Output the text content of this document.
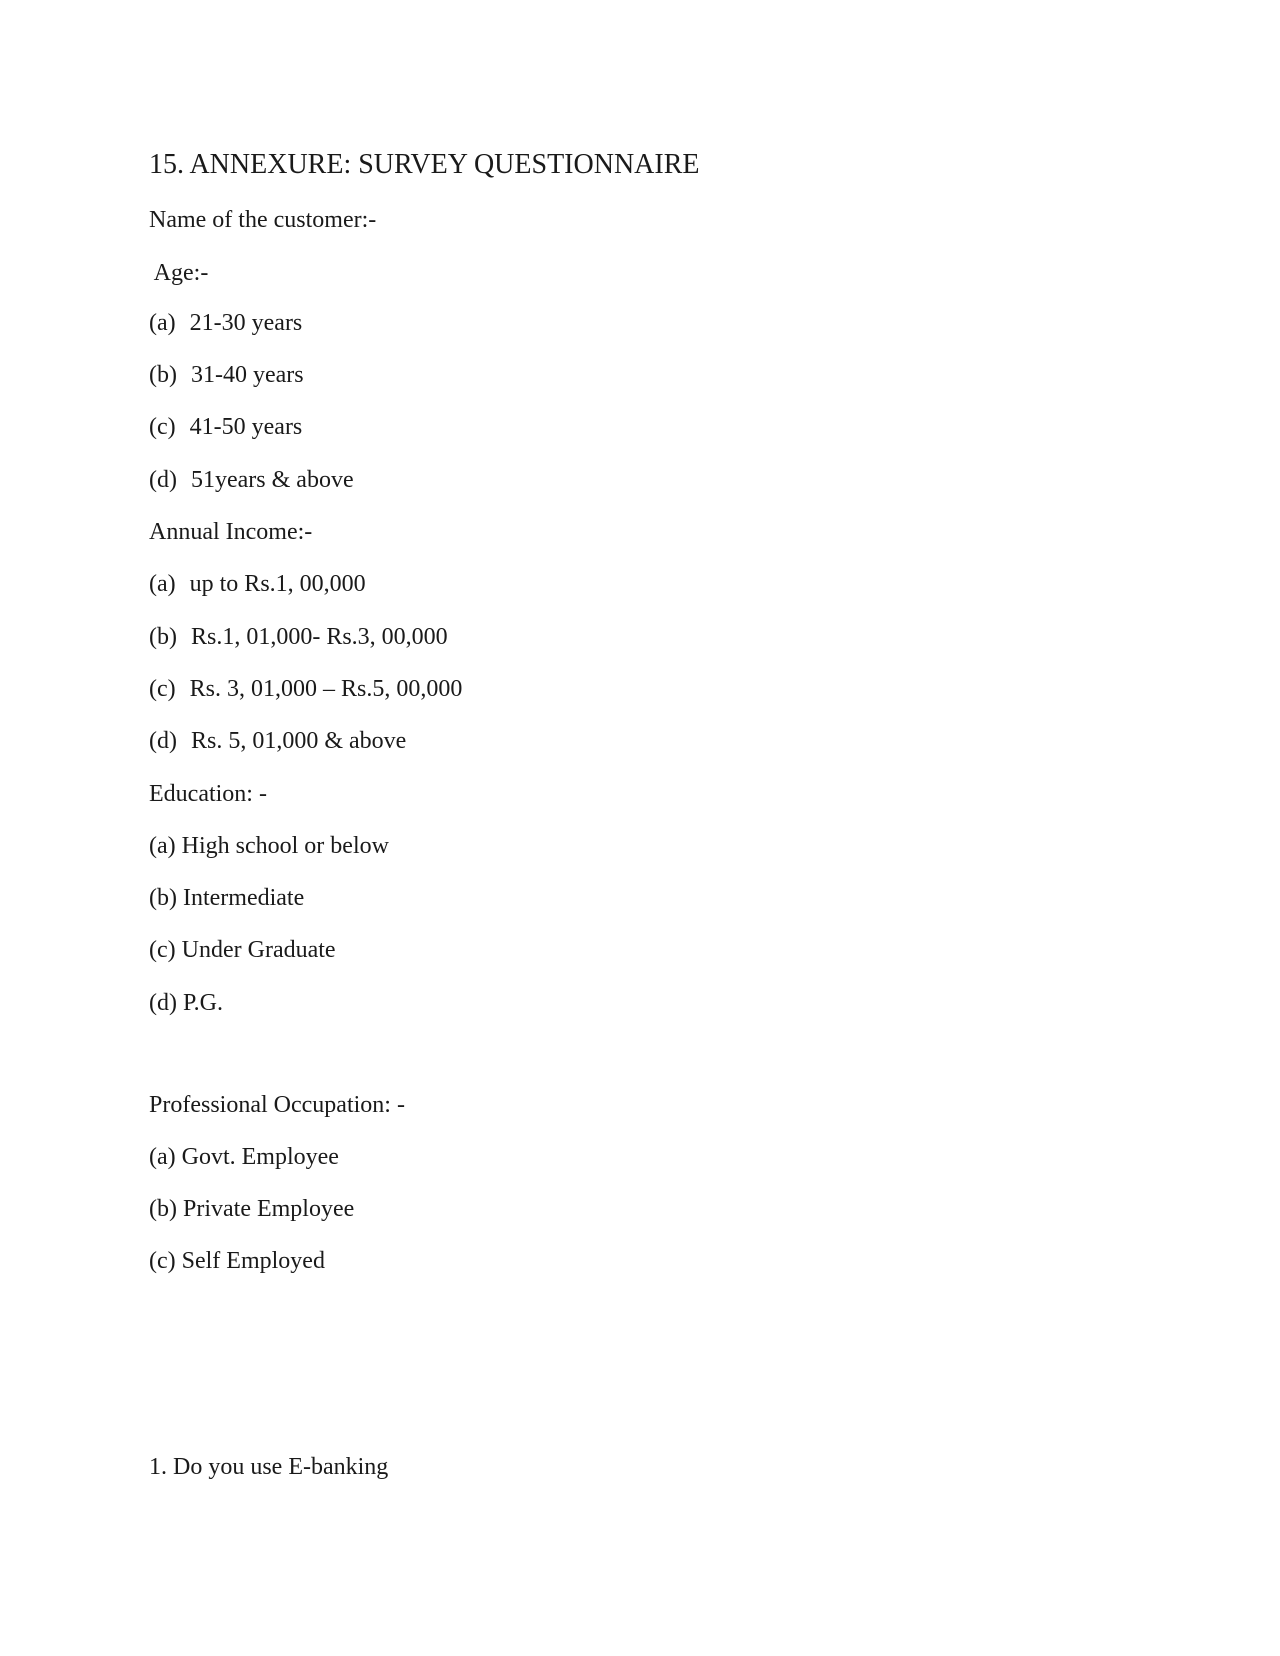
15. ANNEXURE: SURVEY QUESTIONNAIRE
Name of the customer:-
Age:-
(a) 21-30 years
(b) 31-40 years
(c) 41-50 years
(d) 51years & above
Annual Income:-
(a) up to Rs.1, 00,000
(b) Rs.1, 01,000- Rs.3, 00,000
(c) Rs. 3, 01,000 – Rs.5, 00,000
(d) Rs. 5, 01,000 & above
Education: -
(a) High school or below
(b) Intermediate
(c) Under Graduate
(d) P.G.
Professional Occupation: -
(a) Govt. Employee
(b) Private Employee
(c) Self Employed
1. Do you use E-banking
